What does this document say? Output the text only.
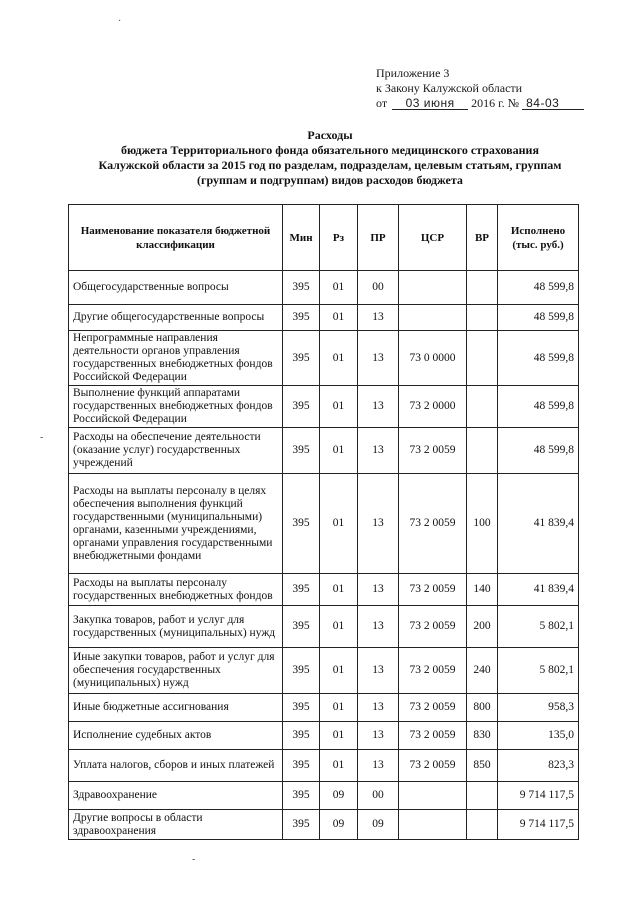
Приложение 3
к Закону Калужской области
от 03 июня 2016 г. № 84-03
Расходы
бюджета Территориального фонда обязательного медицинского страхования
Калужской области за 2015 год по разделам, подразделам, целевым статьям, группам
(группам и подгруппам) видов расходов бюджета
Наименование показателя бюджетной классификации	Мин	Рз	ПР	ЦСР	ВР	Исполнено (тыс. руб.)
Общегосударственные вопросы	395	01	00			48 599,8
Другие общегосударственные вопросы	395	01	13			48 599,8
Непрограммные направления деятельности органов управления государственных внебюджетных фондов Российской Федерации	395	01	13	73 0 0000		48 599,8
Выполнение функций аппаратами государственных внебюджетных фондов Российской Федерации	395	01	13	73 2 0000		48 599,8
Расходы на обеспечение деятельности (оказание услуг) государственных учреждений	395	01	13	73 2 0059		48 599,8
Расходы на выплаты персоналу в целях обеспечения выполнения функций государственными (муниципальными) органами, казенными учреждениями, органами управления государственными внебюджетными фондами	395	01	13	73 2 0059	100	41 839,4
Расходы на выплаты персоналу государственных внебюджетных фондов	395	01	13	73 2 0059	140	41 839,4
Закупка товаров, работ и услуг для государственных (муниципальных) нужд	395	01	13	73 2 0059	200	5 802,1
Иные закупки товаров, работ и услуг для обеспечения государственных (муниципальных) нужд	395	01	13	73 2 0059	240	5 802,1
Иные бюджетные ассигнования	395	01	13	73 2 0059	800	958,3
Исполнение судебных актов	395	01	13	73 2 0059	830	135,0
Уплата налогов, сборов и иных платежей	395	01	13	73 2 0059	850	823,3
Здравоохранение	395	09	00			9 714 117,5
Другие вопросы в области здравоохранения	395	09	09			9 714 117,5
-
·
-
